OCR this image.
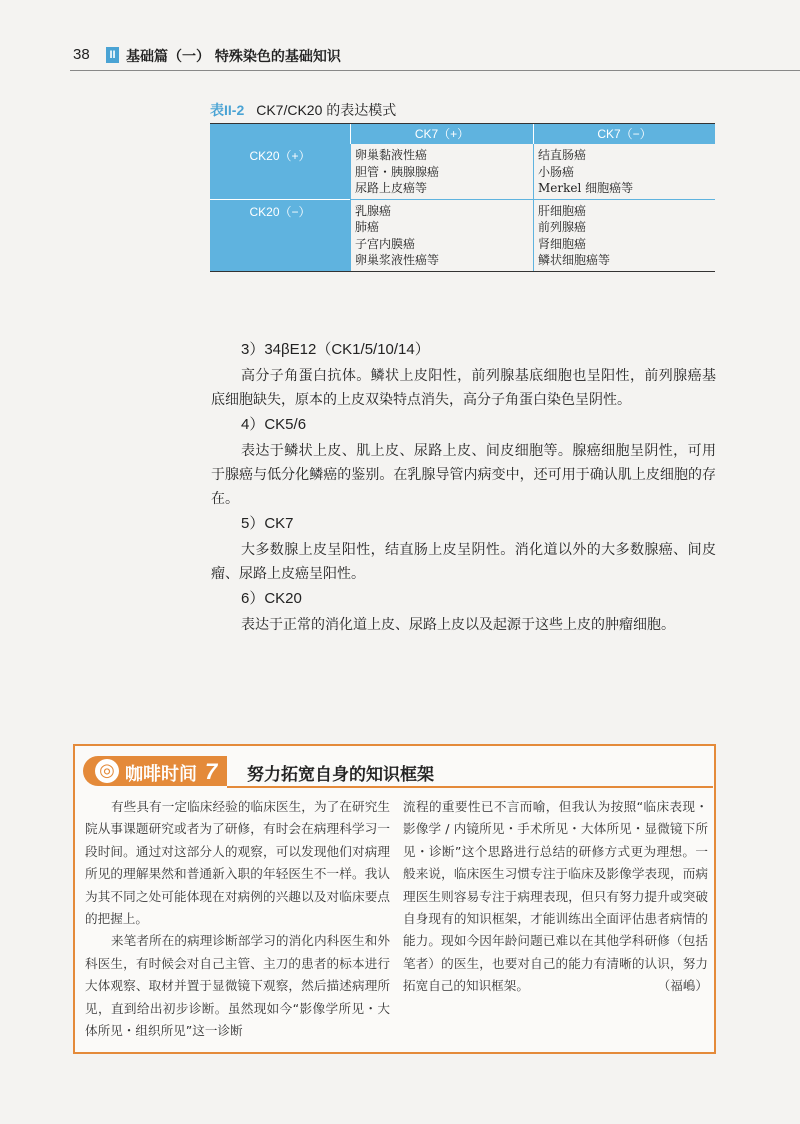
38	II 基础篇（一） 特殊染色的基础知识
表II-2 CK7/CK20 的表达模式
	CK7（+）	CK7（−）
CK20（+）	卵巢黏液性癌
胆管・胰腺腺癌
尿路上皮癌等	结直肠癌
小肠癌
Merkel 细胞癌等

CK20（−）	乳腺癌
肺癌
子宫内膜癌
卵巢浆液性癌等	肝细胞癌
前列腺癌
肾细胞癌
鳞状细胞癌等
3）34βE12（CK1/5/10/14）

高分子角蛋白抗体。鳞状上皮阳性，前列腺基底细胞也呈阳性，前列腺癌基底细胞缺失，原本的上皮双染特点消失，高分子角蛋白染色呈阴性。

4）CK5/6

表达于鳞状上皮、肌上皮、尿路上皮、间皮细胞等。腺癌细胞呈阴性，可用于腺癌与低分化鳞癌的鉴别。在乳腺导管内病变中，还可用于确认肌上皮细胞的存在。

5）CK7

大多数腺上皮呈阳性，结直肠上皮呈阴性。消化道以外的大多数腺癌、间皮瘤、尿路上皮癌呈阳性。

6）CK20

表达于正常的消化道上皮、尿路上皮以及起源于这些上皮的肿瘤细胞。

◎ 咖啡时间 7 努力拓宽自身的知识框架

有些具有一定临床经验的临床医生，为了在研究生院从事课题研究或者为了研修，有时会在病理科学习一段时间。通过对这部分人的观察，可以发现他们对病理所见的理解果然和普通新入职的年轻医生不一样。我认为其不同之处可能体现在对病例的兴趣以及对临床要点的把握上。

来笔者所在的病理诊断部学习的消化内科医生和外科医生，有时候会对自己主管、主刀的患者的标本进行大体观察、取材并置于显微镜下观察，然后描述病理所见，直到给出初步诊断。虽然现如今“影像学所见・大体所见・组织所见”这一诊断

流程的重要性已不言而喻，但我认为按照“临床表现・影像学 / 内镜所见・手术所见・大体所见・显微镜下所见・诊断”这个思路进行总结的研修方式更为理想。一般来说，临床医生习惯专注于临床及影像学表现，而病理医生则容易专注于病理表现，但只有努力提升或突破自身现有的知识框架，才能训练出全面评估患者病情的能力。现如今因年龄问题已难以在其他学科研修（包括笔者）的医生，也要对自己的能力有清晰的认识，努力拓宽自己的知识框架。	（福嶋）
